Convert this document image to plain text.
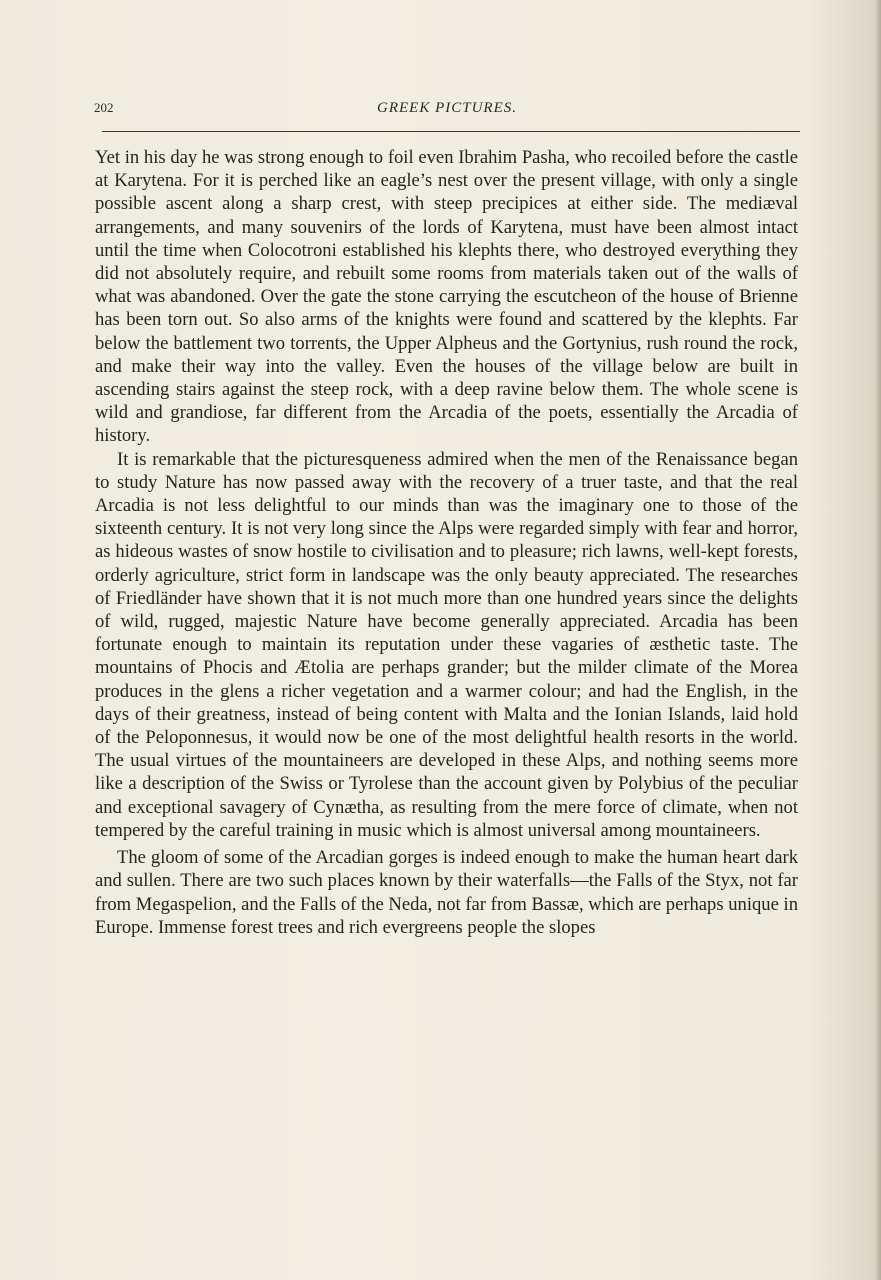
202	GREEK PICTURES.

Yet in his day he was strong enough to foil even Ibrahim Pasha, who recoiled before the castle at Karytena. For it is perched like an eagle’s nest over the present village, with only a single possible ascent along a sharp crest, with steep precipices at either side. The mediæval arrangements, and many souvenirs of the lords of Karytena, must have been almost intact until the time when Colocotroni established his klephts there, who destroyed everything they did not absolutely require, and rebuilt some rooms from materials taken out of the walls of what was abandoned. Over the gate the stone carrying the escutcheon of the house of Brienne has been torn out. So also arms of the knights were found and scattered by the klephts. Far below the battlement two torrents, the Upper Alpheus and the Gortynius, rush round the rock, and make their way into the valley. Even the houses of the village below are built in ascending stairs against the steep rock, with a deep ravine below them. The whole scene is wild and grandiose, far different from the Arcadia of the poets, essentially the Arcadia of history.

It is remarkable that the picturesqueness admired when the men of the Renaissance began to study Nature has now passed away with the recovery of a truer taste, and that the real Arcadia is not less delightful to our minds than was the imaginary one to those of the sixteenth century. It is not very long since the Alps were regarded simply with fear and horror, as hideous wastes of snow hostile to civilisation and to pleasure; rich lawns, well-kept forests, orderly agriculture, strict form in landscape was the only beauty appreciated. The researches of Friedländer have shown that it is not much more than one hundred years since the delights of wild, rugged, majestic Nature have become generally appreciated. Arcadia has been fortunate enough to maintain its reputation under these vagaries of æsthetic taste. The mountains of Phocis and Ætolia are perhaps grander; but the milder climate of the Morea produces in the glens a richer vegetation and a warmer colour; and had the English, in the days of their greatness, instead of being content with Malta and the Ionian Islands, laid hold of the Peloponnesus, it would now be one of the most delightful health resorts in the world. The usual virtues of the mountaineers are developed in these Alps, and nothing seems more like a description of the Swiss or Tyrolese than the account given by Polybius of the peculiar and exceptional savagery of Cynætha, as resulting from the mere force of climate, when not tempered by the careful training in music which is almost universal among mountaineers.

The gloom of some of the Arcadian gorges is indeed enough to make the human heart dark and sullen. There are two such places known by their waterfalls—the Falls of the Styx, not far from Megaspelion, and the Falls of the Neda, not far from Bassæ, which are perhaps unique in Europe. Immense forest trees and rich evergreens people the slopes
